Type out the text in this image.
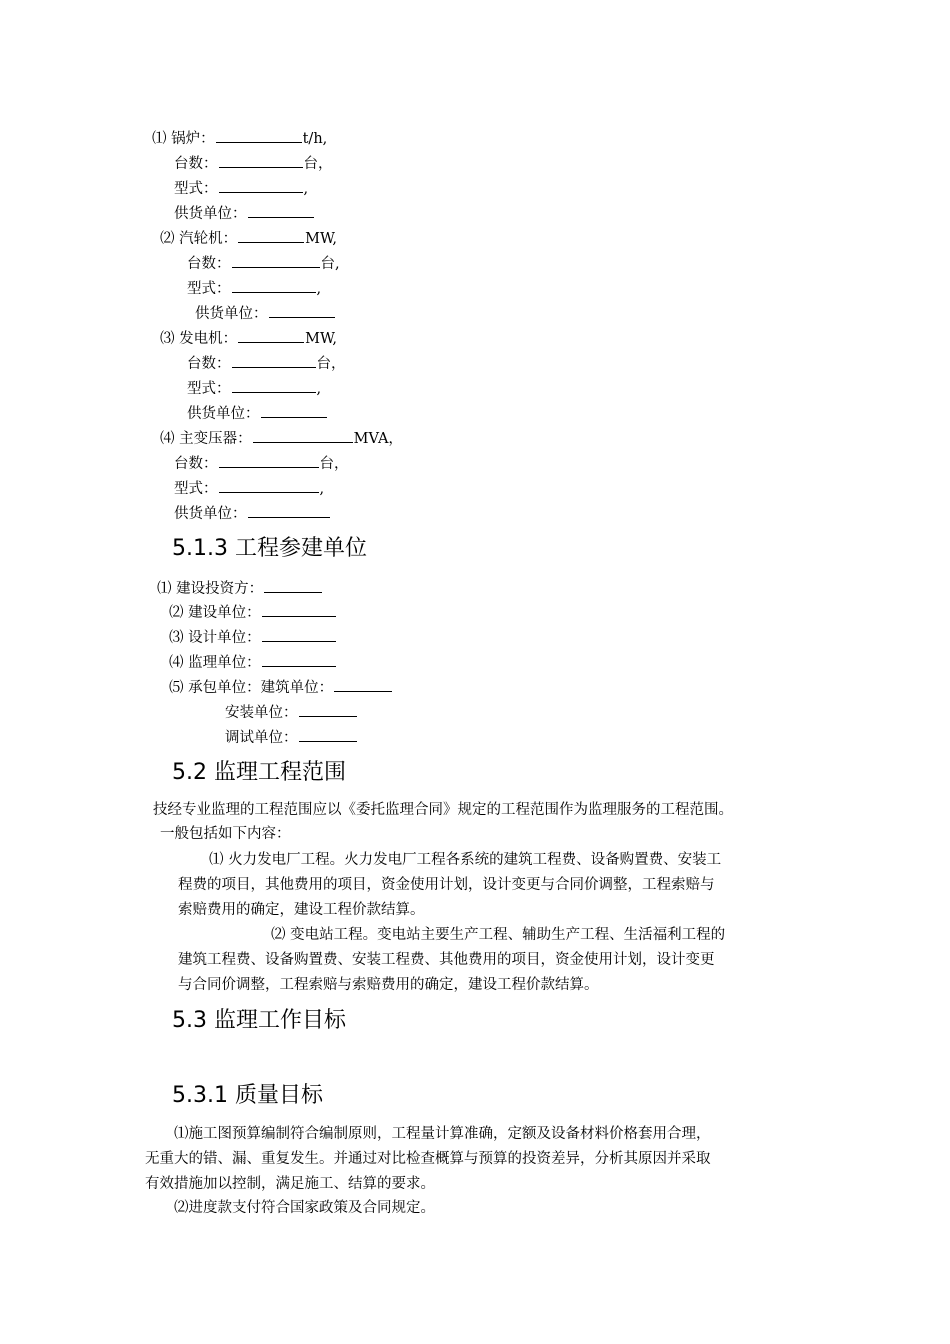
⑴ 锅炉：	t/h,
台数：	台，
型式：	,
供货单位：
⑵ 汽轮机：	MW,
台数：	台,
型式：	,
供货单位：
⑶ 发电机：	MW,
台数：	台，
型式：	,
供货单位：
⑷ 主变压器：	MVA，
台数：	台，
型式：	,
供货单位：
5.1.3 工程参建单位
⑴ 建设投资方：
⑵ 建设单位：
⑶ 设计单位：
⑷ 监理单位：
⑸ 承包单位：建筑单位：
安装单位：
调试单位：
5.2 监理工程范围
技经专业监理的工程范围应以《委托监理合同》规定的工程范围作为监理服务的工程范围。
一般包括如下内容：
⑴ 火力发电厂工程。火力发电厂工程各系统的建筑工程费、设备购置费、安装工
程费的项目，其他费用的项目，资金使用计划，设计变更与合同价调整，工程索赔与
索赔费用的确定，建设工程价款结算。
⑵ 变电站工程。变电站主要生产工程、辅助生产工程、生活福利工程的
建筑工程费、设备购置费、安装工程费、其他费用的项目，资金使用计划，设计变更
与合同价调整，工程索赔与索赔费用的确定，建设工程价款结算。
5.3 监理工作目标
5.3.1 质量目标
⑴施工图预算编制符合编制原则，工程量计算准确，定额及设备材料价格套用合理，
无重大的错、漏、重复发生。并通过对比检查概算与预算的投资差异，分析其原因并采取
有效措施加以控制，满足施工、结算的要求。
⑵进度款支付符合国家政策及合同规定。
